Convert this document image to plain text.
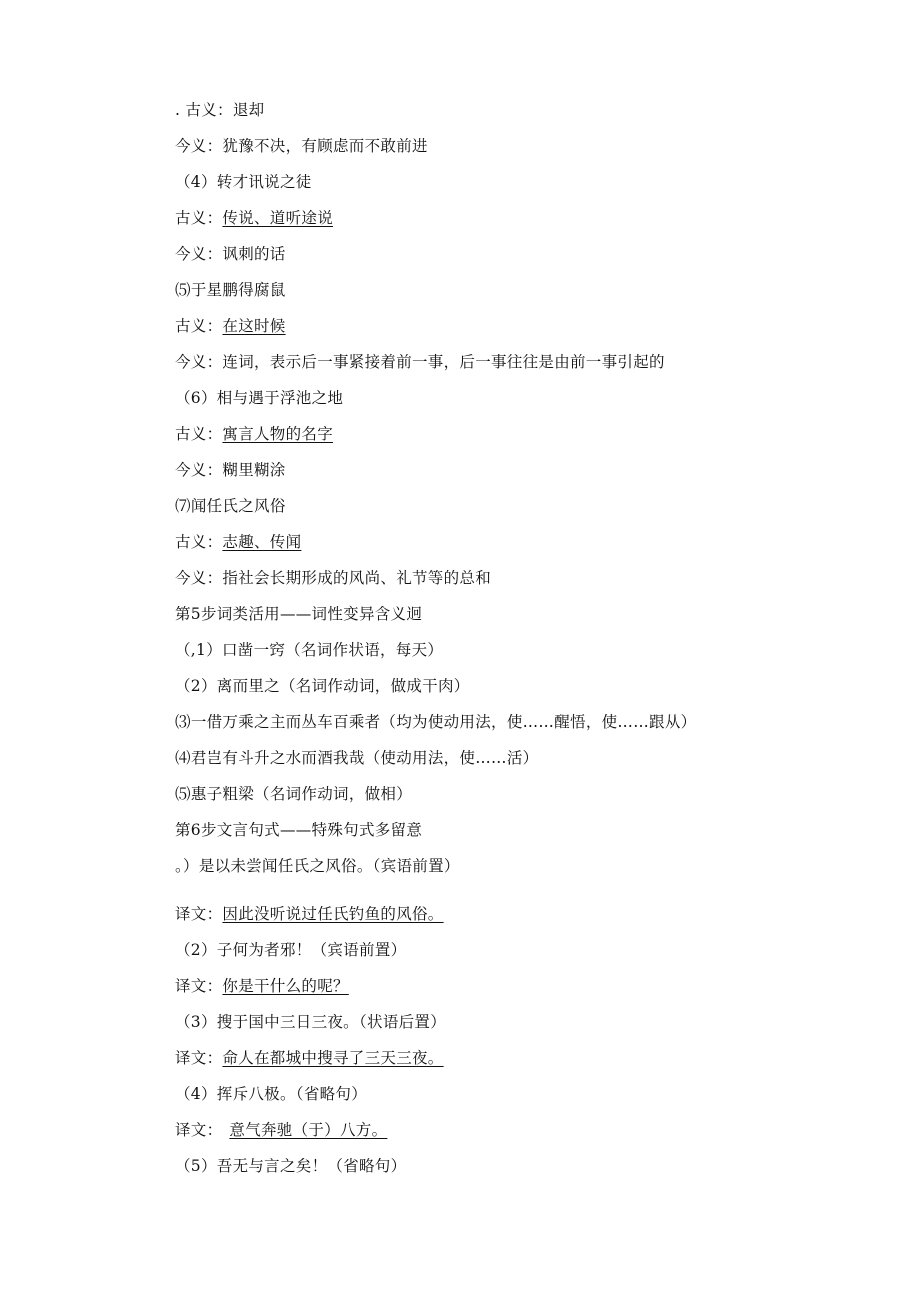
. 古义：退却
今义：犹豫不决，有顾虑而不敢前进
（4）转才讯说之徒
古义：传说、道听途说
今义：讽刺的话
⑸于星鹏得腐鼠
古义：在这时候
今义：连词，表示后一事紧接着前一事，后一事往往是由前一事引起的
（6）相与遇于浮池之地
古义：寓言人物的名字
今义：糊里糊涂
⑺闻任氏之风俗
古义：志趣、传闻
今义：指社会长期形成的风尚、礼节等的总和
第5步词类活用——词性变异含义迥
（,1）口凿一窍（名词作状语，每天）
（2）离而里之（名词作动词，做成干肉）
⑶一借万乘之主而丛车百乘者（均为使动用法，使……醒悟，使……跟从）
⑷君岂有斗升之水而酒我哉（使动用法，使……活）
⑸惠子粗梁（名词作动词，做相）
第6步文言句式——特殊句式多留意
。）是以未尝闻任氏之风俗。（宾语前置）
译文：因此没听说过任氏钓鱼的风俗。
（2）子何为者邪！（宾语前置）
译文：你是干什么的呢？
（3）搜于国中三日三夜。（状语后置）
译文：命人在都城中搜寻了三天三夜。
（4）挥斥八极。（省略句）
译文： 意气奔驰（于）八方。
（5）吾无与言之矣！（省略句）
